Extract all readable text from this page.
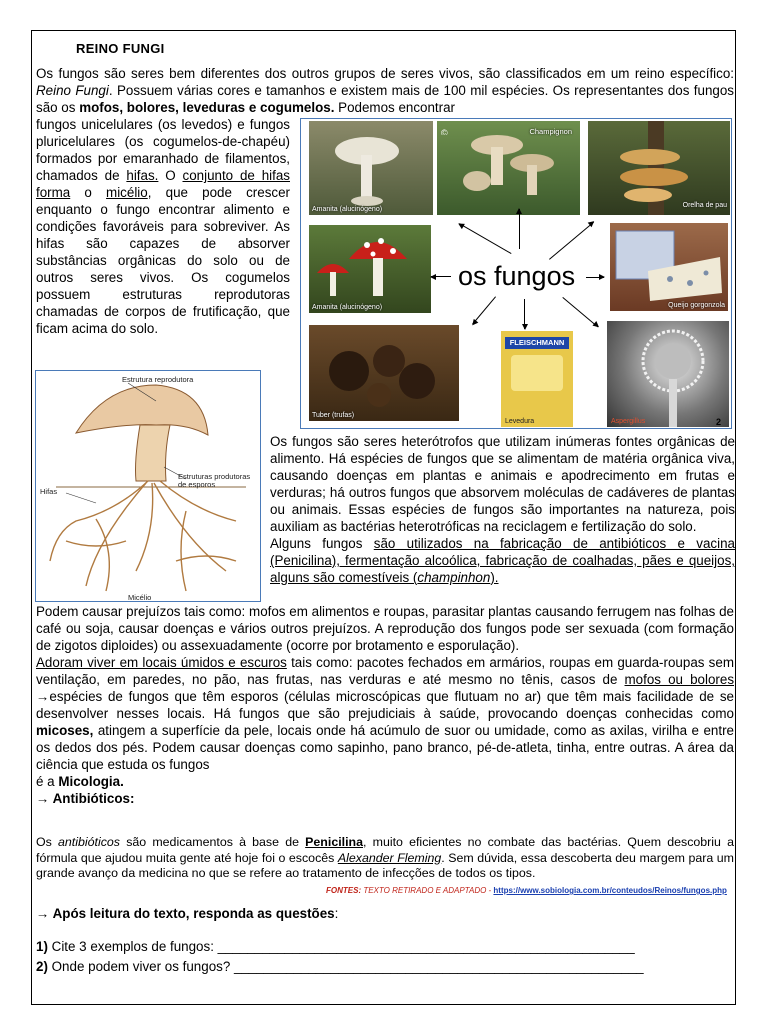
REINO FUNGI
Os fungos são seres bem diferentes dos outros grupos de seres vivos, são classificados em um reino específico: Reino Fungi. Possuem várias cores e tamanhos e existem mais de 100 mil espécies. Os representantes dos fungos são os mofos, bolores, leveduras e cogumelos. Podemos encontrar
fungos unicelulares (os levedos) e fungos pluricelulares (os cogumelos-de-chapéu) formados por emaranhado de filamentos, chamados de hifas. O conjunto de hifas forma o micélio, que pode crescer enquanto o fungo encontrar alimento e condições favoráveis para sobreviver. As hifas são capazes de absorver substâncias orgânicas do solo ou de outros seres vivos. Os cogumelos possuem estruturas reprodutoras chamadas de corpos de frutificação, que ficam acima do solo.
Amanita (alucinógeno)
©	Champignon
Orelha de pau
Amanita (alucinógeno)
os fungos
Queijo gorgonzola
Tuber (trufas)
FLEISCHMANN
Levedura	Aspergillus	2
Estrutura reprodutora
Estruturas produtoras de esporos
Hifas
Micélio

Os fungos são seres heterótrofos que utilizam inúmeras fontes orgânicas de alimento. Há espécies de fungos que se alimentam de matéria orgânica viva, causando doenças em plantas e animais e apodrecimento em frutas e verduras; há outros fungos que absorvem moléculas de cadáveres de plantas ou animais. Essas espécies de fungos são importantes na natureza, pois auxiliam as bactérias heterotróficas na reciclagem e fertilização do solo.

Alguns fungos são utilizados na fabricação de antibióticos e vacina (Penicilina), fermentação alcoólica, fabricação de coalhadas, pães e queijos, alguns são comestíveis (champinhon).

Podem causar prejuízos tais como: mofos em alimentos e roupas, parasitar plantas causando ferrugem nas folhas de café ou soja, causar doenças e vários outros prejuízos. A reprodução dos fungos pode ser sexuada (com formação de zigotos diploides) ou assexuadamente (ocorre por brotamento e esporulação).

Adoram viver em locais úmidos e escuros tais como: pacotes fechados em armários, roupas em guarda-roupas sem ventilação, em paredes, no pão, nas frutas, nas verduras e até mesmo no tênis, casos de mofos ou bolores →espécies de fungos que têm esporos (células microscópicas que flutuam no ar) que têm mais facilidade de se desenvolver nesses locais. Há fungos que são prejudiciais à saúde, provocando doenças conhecidas como micoses, atingem a superfície da pele, locais onde há acúmulo de suor ou umidade, como as axilas, virilha e entre os dedos dos pés. Podem causar doenças como sapinho, pano branco, pé-de-atleta, tinha, entre outras. A área da ciência que estuda os fungos

é a Micologia.

→ Antibióticos:

Os antibióticos são medicamentos à base de Penicilina, muito eficientes no combate das bactérias. Quem descobriu a fórmula que ajudou muita gente até hoje foi o escocês Alexander Fleming. Sem dúvida, essa descoberta deu margem para um grande avanço da medicina no que se refere ao tratamento de infecções de todos os tipos.
FONTES: TEXTO RETIRADO E ADAPTADO - https://www.sobiologia.com.br/conteudos/Reinos/fungos.php
→ Após leitura do texto, responda as questões:
1) Cite 3 exemplos de fungos: ________________________________________________________
2) Onde podem viver os fungos? _______________________________________________________
